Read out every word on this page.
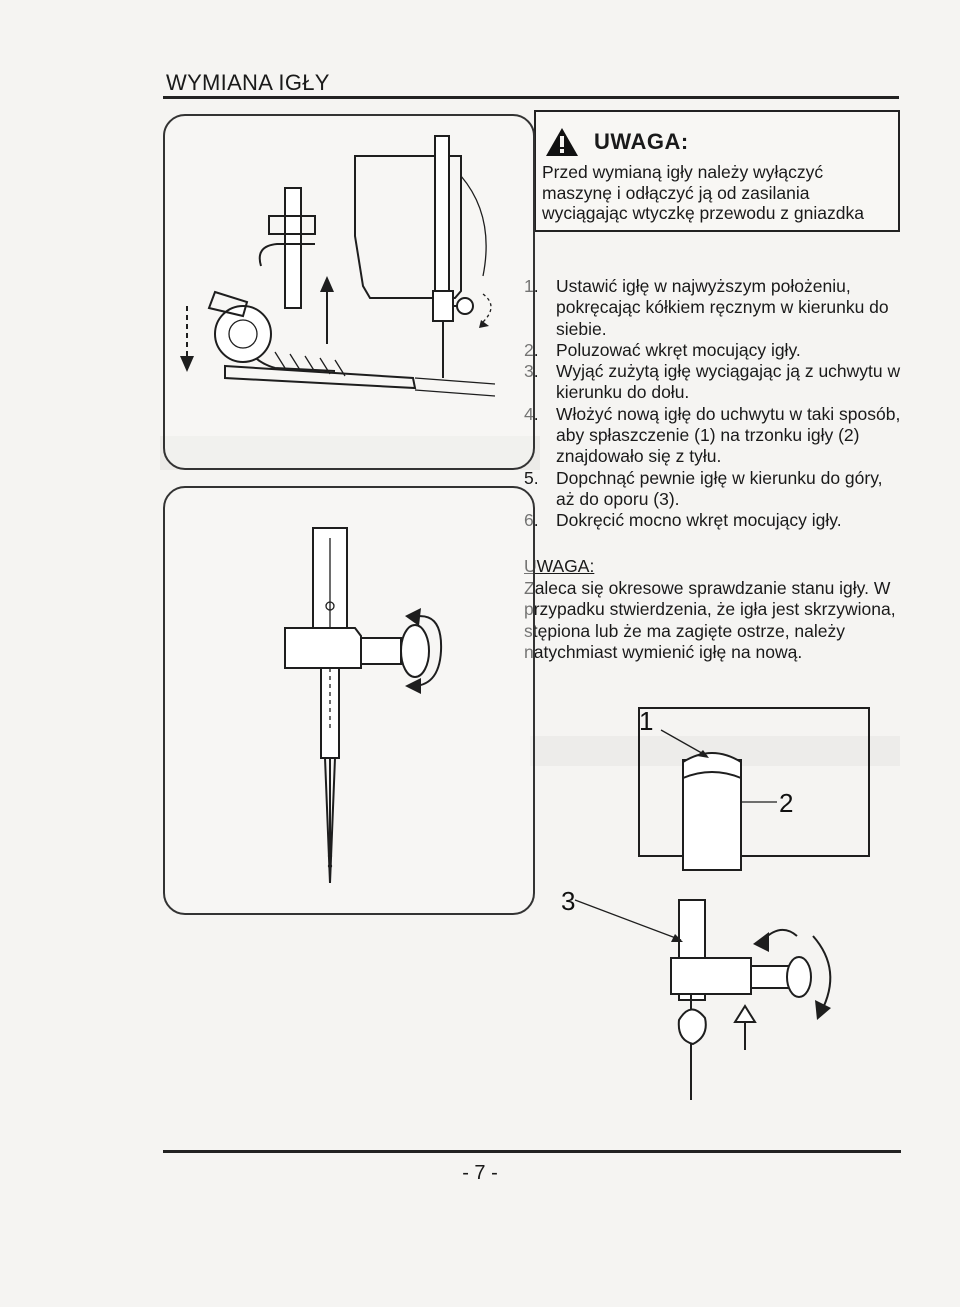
WYMIANA IGŁY
UWAGA:
Przed wymianą igły należy wyłączyć
maszynę i odłączyć ją od zasilania
wyciągając wtyczkę przewodu z gniazdka
1. Ustawić igłę w najwyższym położeniu, pokręcając kółkiem ręcznym w kierunku do siebie.
2. Poluzować wkręt mocujący igły.
3. Wyjąć zużytą igłę wyciągając ją z uchwytu w kierunku do dołu.
4. Włożyć nową igłę do uchwytu w taki sposób, aby spłaszczenie (1) na trzonku igły (2) znajdowało się z tyłu.
5. Dopchnąć pewnie igłę w kierunku do góry, aż do oporu (3).
6. Dokręcić mocno wkręt mocujący igły.
UWAGA:
Zaleca się okresowe sprawdzanie stanu igły. W przypadku stwierdzenia, że igła jest skrzywiona, stępiona lub że ma zagięte ostrze, należy natychmiast wymienić igłę na nową.
1
2
3
- 7 -
